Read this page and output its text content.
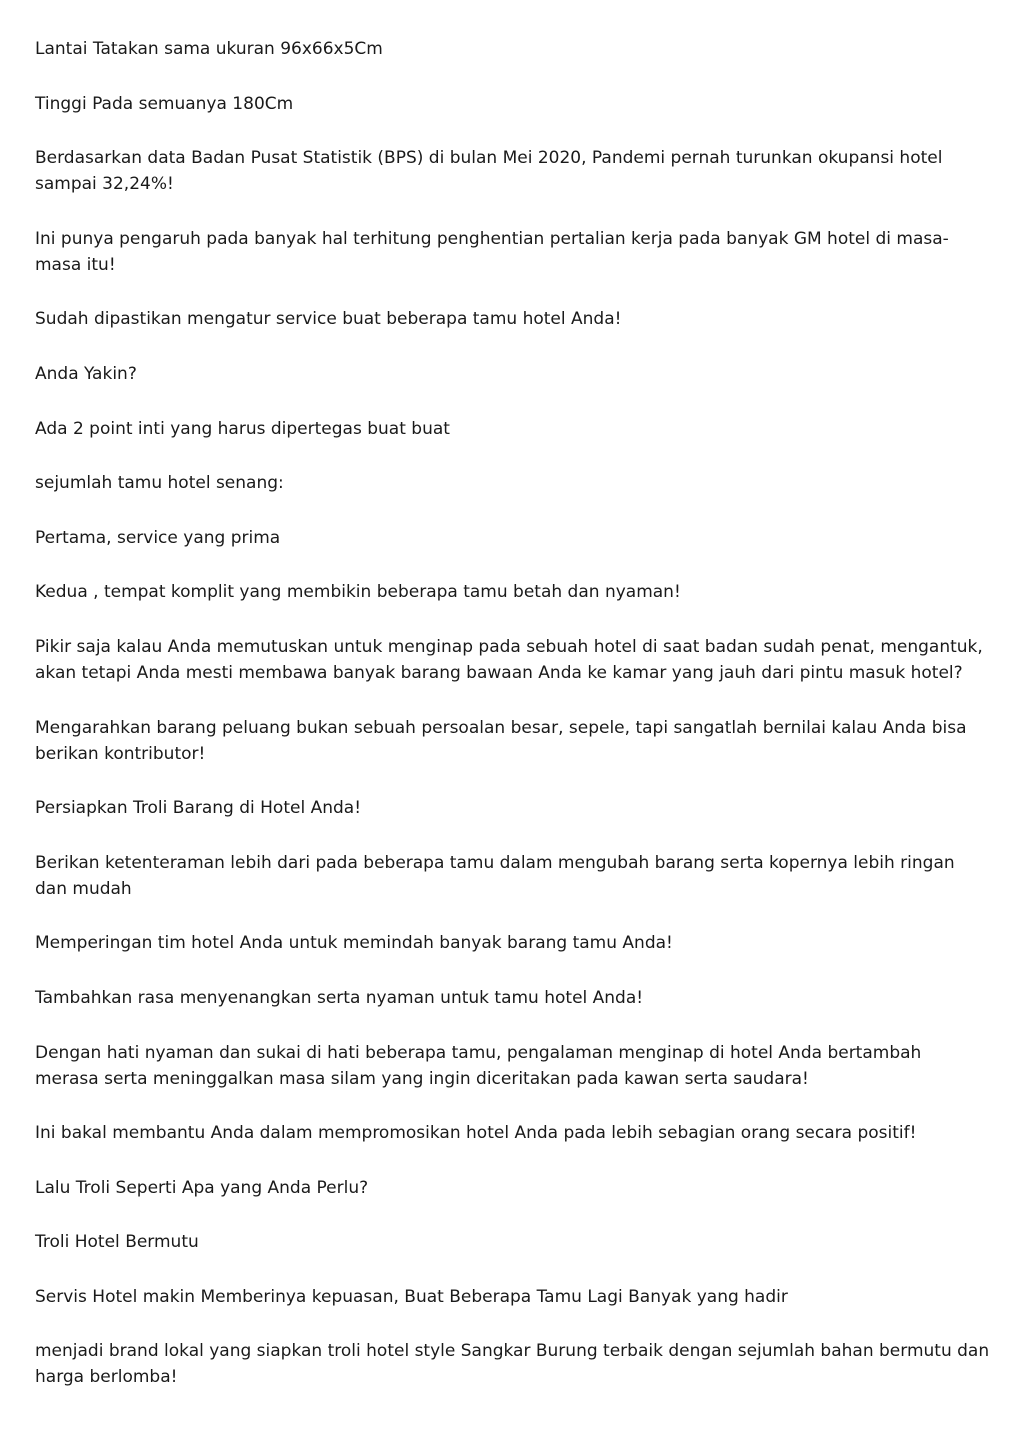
Lantai Tatakan sama ukuran 96x66x5Cm

Tinggi Pada semuanya 180Cm

Berdasarkan data Badan Pusat Statistik (BPS) di bulan Mei 2020, Pandemi pernah turunkan okupansi hotel sampai 32,24%!

Ini punya pengaruh pada banyak hal terhitung penghentian pertalian kerja pada banyak GM hotel di masa-masa itu!

Sudah dipastikan mengatur service buat beberapa tamu hotel Anda!

Anda Yakin?

Ada 2 point inti yang harus dipertegas buat buat

sejumlah tamu hotel senang:

Pertama, service yang prima

Kedua , tempat komplit yang membikin beberapa tamu betah dan nyaman!

Pikir saja kalau Anda memutuskan untuk menginap pada sebuah hotel di saat badan sudah penat, mengantuk, akan tetapi Anda mesti membawa banyak barang bawaan Anda ke kamar yang jauh dari pintu masuk hotel?

Mengarahkan barang peluang bukan sebuah persoalan besar, sepele, tapi sangatlah bernilai kalau Anda bisa berikan kontributor!

Persiapkan Troli Barang di Hotel Anda!

Berikan ketenteraman lebih dari pada beberapa tamu dalam mengubah barang serta kopernya lebih ringan dan mudah

Memperingan tim hotel Anda untuk memindah banyak barang tamu Anda!

Tambahkan rasa menyenangkan serta nyaman untuk tamu hotel Anda!

Dengan hati nyaman dan sukai di hati beberapa tamu, pengalaman menginap di hotel Anda bertambah merasa serta meninggalkan masa silam yang ingin diceritakan pada kawan serta saudara!

Ini bakal membantu Anda dalam mempromosikan hotel Anda pada lebih sebagian orang secara positif!

Lalu Troli Seperti Apa yang Anda Perlu?

Troli Hotel Bermutu

Servis Hotel makin Memberinya kepuasan, Buat Beberapa Tamu Lagi Banyak yang hadir

menjadi brand lokal yang siapkan troli hotel style Sangkar Burung terbaik dengan sejumlah bahan bermutu dan harga berlomba!
